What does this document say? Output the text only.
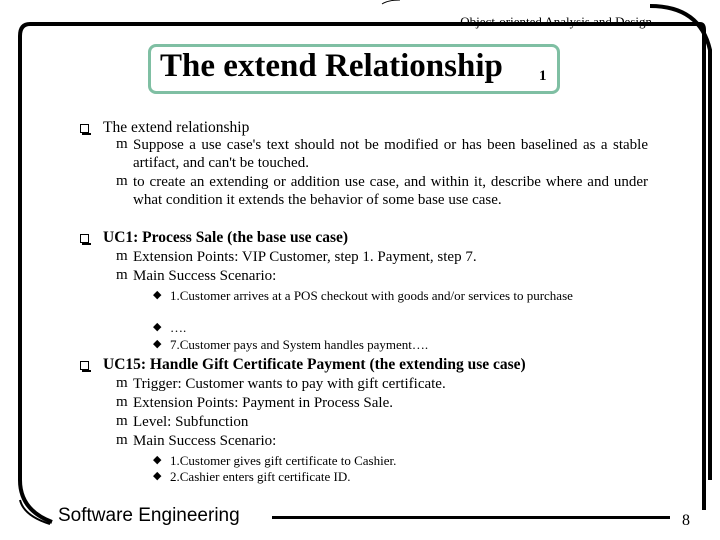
Object-oriented Analysis and Design
The extend Relationship 1
The extend relationship
m Suppose a use case's text should not be modified or has been baselined as a stable artifact, and can't be touched.
m to create an extending or addition use case, and within it, describe where and under what condition it extends the behavior of some base use case.
UC1: Process Sale (the base use case)
m Extension Points: VIP Customer, step 1. Payment, step 7.
m Main Success Scenario:
◆ 1.Customer arrives at a POS checkout with goods and/or services to purchase
◆ ….
◆ 7.Customer pays and System handles payment….
UC15: Handle Gift Certificate Payment (the extending use case)
m Trigger: Customer wants to pay with gift certificate.
m Extension Points: Payment in Process Sale.
m Level: Subfunction
m Main Success Scenario:
◆ 1.Customer gives gift certificate to Cashier.
◆ 2.Cashier enters gift certificate ID.
Software Engineering	8
